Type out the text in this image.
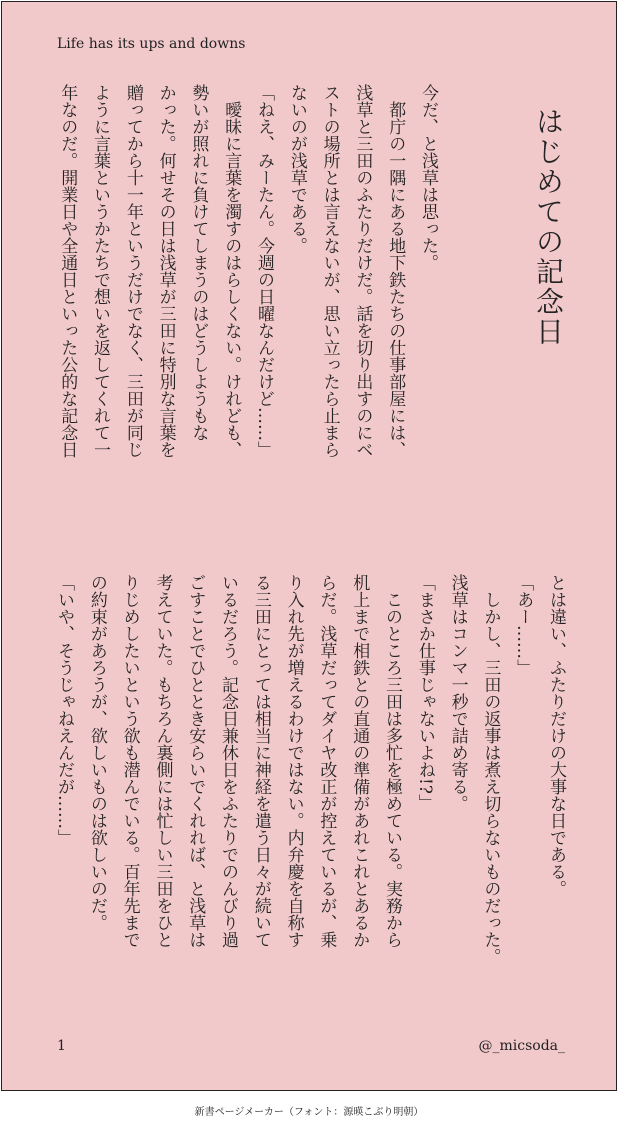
Life has its ups and downs
はじめての記念日
今だ、と浅草は思った。
　都庁の一隅にある地下鉄たちの仕事部屋には、
浅草と三田のふたりだけだ。話を切り出すのにベ
ストの場所とは言えないが、思い立ったら止まら
ないのが浅草である。
「ねえ、みーたん。今週の日曜なんだけど……」
　曖昧に言葉を濁すのはらしくない。けれども、
勢いが照れに負けてしまうのはどうしようもな
かった。何せその日は浅草が三田に特別な言葉を
贈ってから十一年というだけでなく、三田が同じ
ように言葉というかたちで想いを返してくれて一
年なのだ。開業日や全通日といった公的な記念日
とは違い、ふたりだけの大事な日である。
「あー……」
　しかし、三田の返事は煮え切らないものだった。
浅草はコンマ一秒で詰め寄る。
「まさか仕事じゃないよね!?」
　このところ三田は多忙を極めている。実務から
机上まで相鉄との直通の準備があれこれとあるか
らだ。浅草だってダイヤ改正が控えているが、乗
り入れ先が増えるわけではない。内弁慶を自称す
る三田にとっては相当に神経を遣う日々が続いて
いるだろう。記念日兼休日をふたりでのんびり過
ごすことでひととき安らいでくれれば、と浅草は
考えていた。もちろん裏側には忙しい三田をひと
りじめしたいという欲も潜んでいる。百年先まで
の約束があろうが、欲しいものは欲しいのだ。
「いや、そうじゃねえんだが……」
1	@_micsoda_
新書ページメーカー（フォント：源暎こぶり明朝）
